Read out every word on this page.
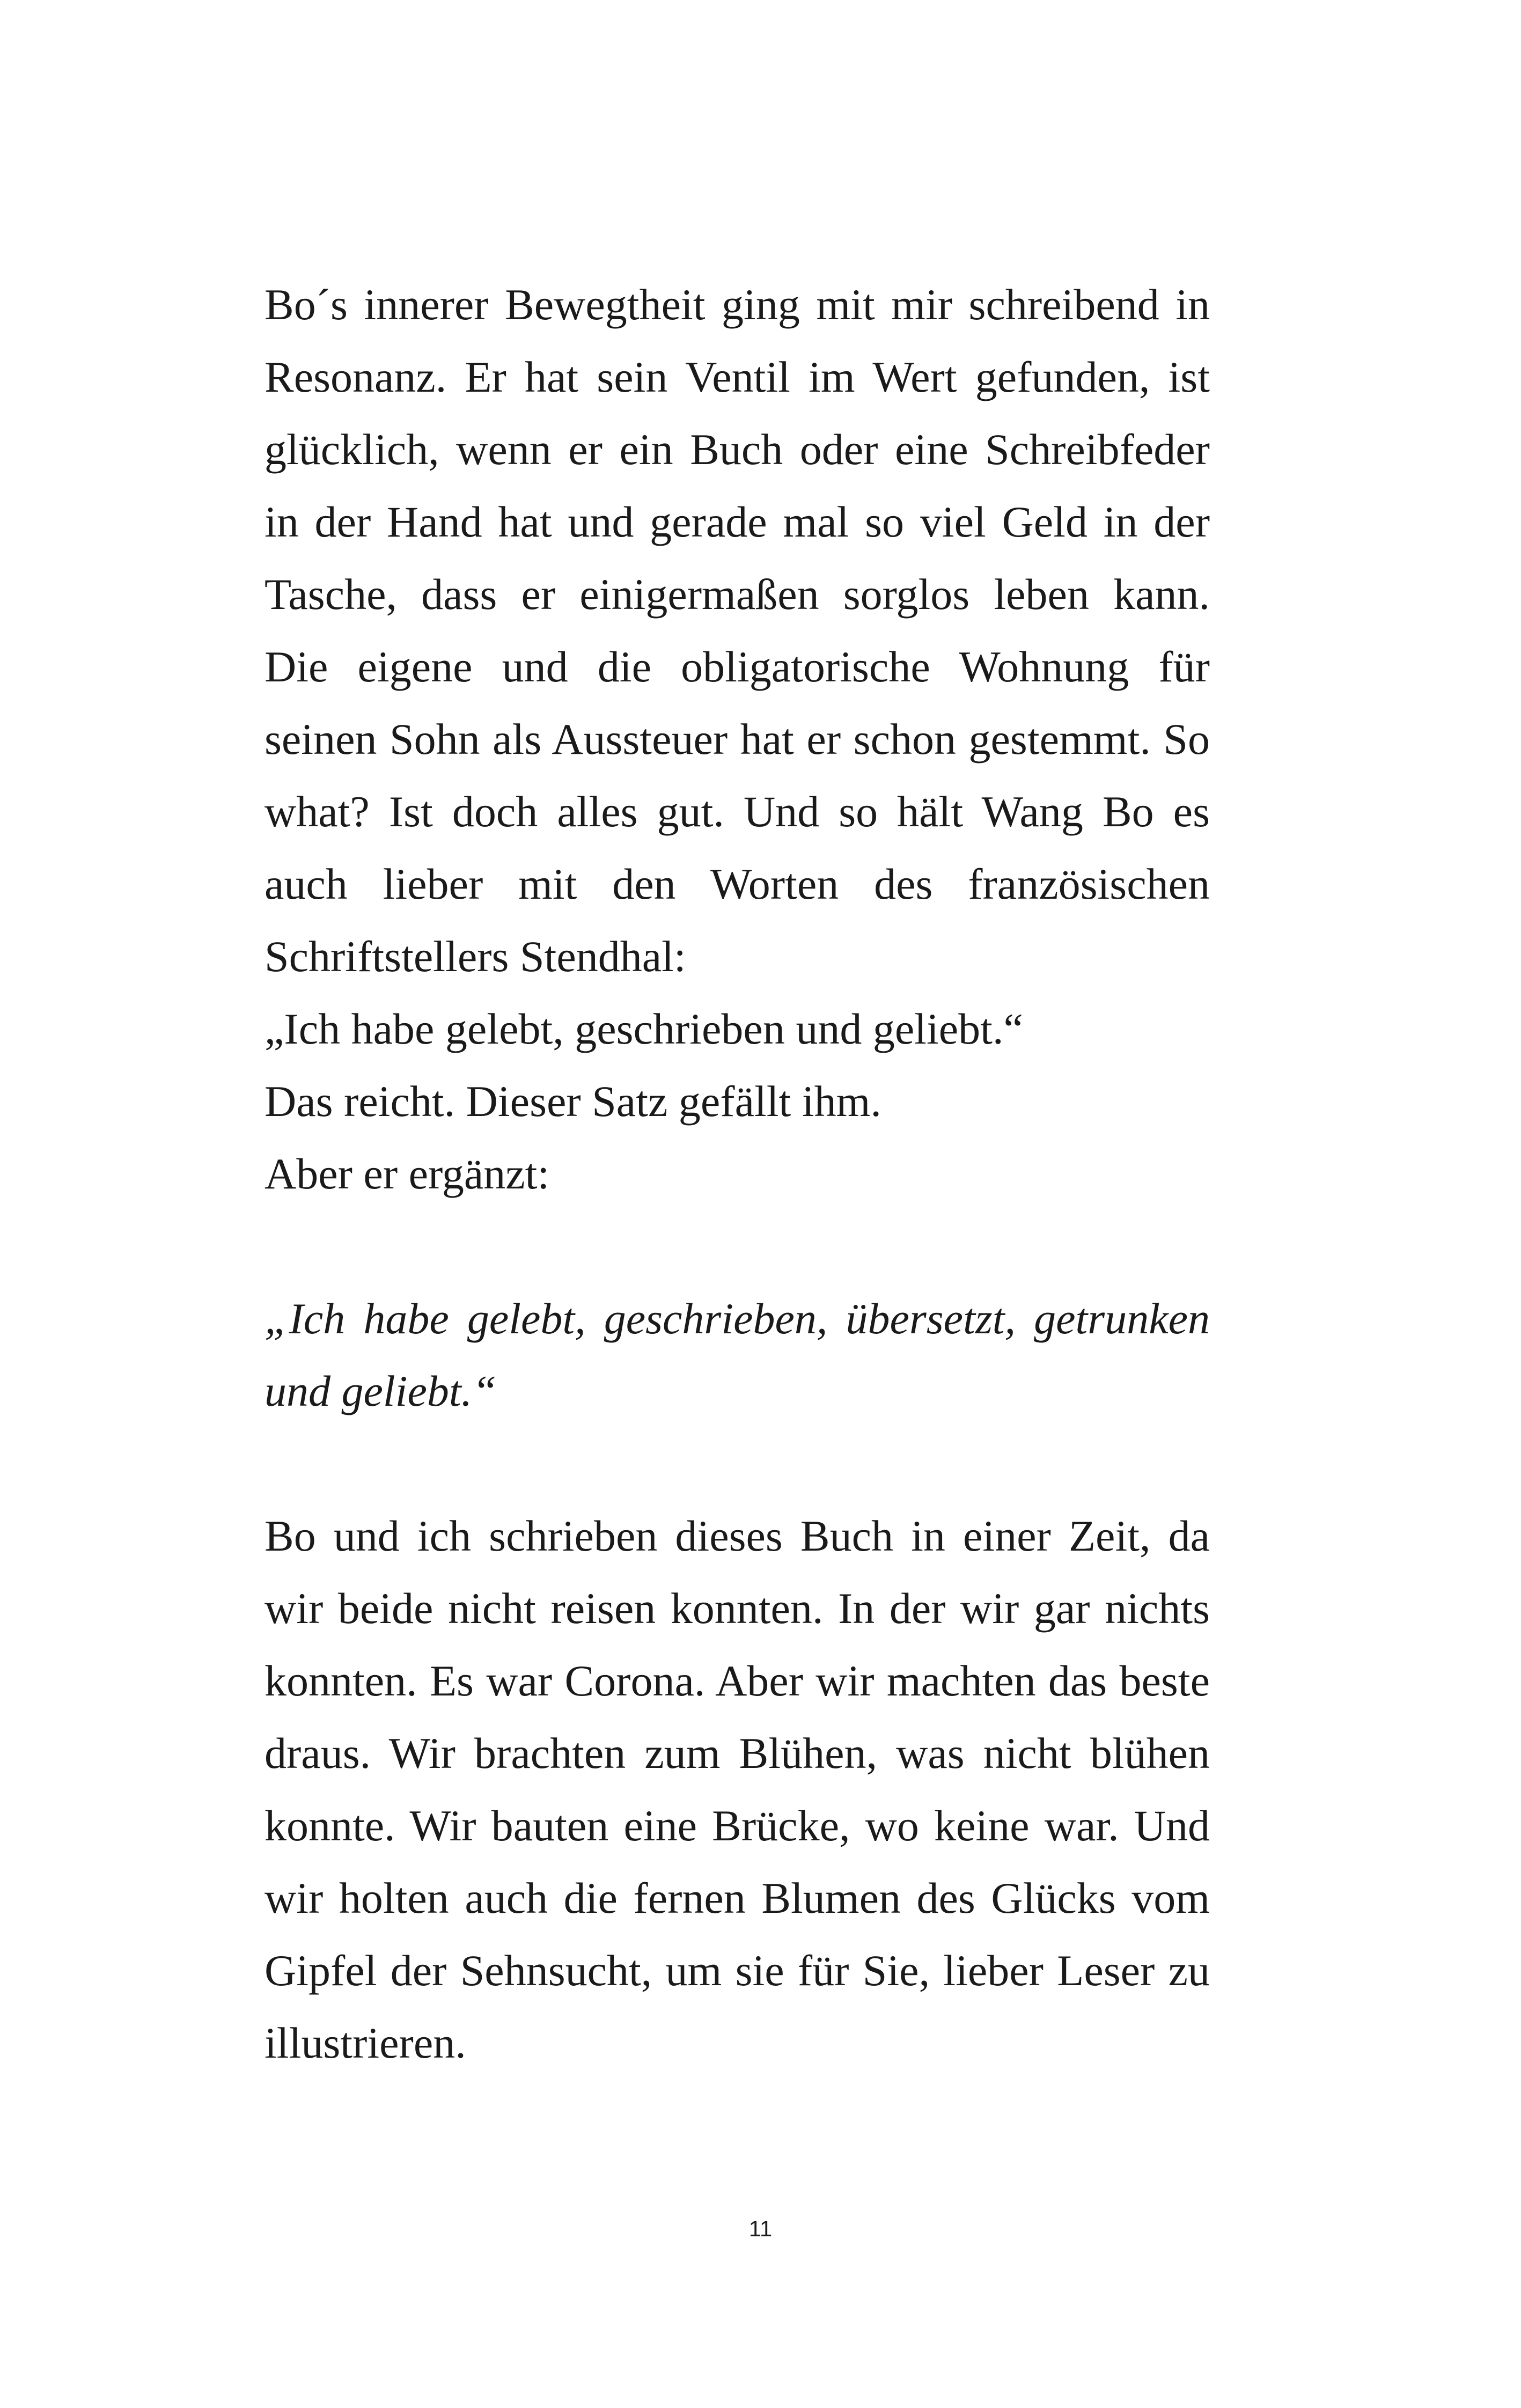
Bo´s innerer Bewegtheit ging mit mir schreibend in
Resonanz. Er hat sein Ventil im Wert gefunden, ist
glücklich, wenn er ein Buch oder eine Schreibfeder
in der Hand hat und gerade mal so viel Geld in der
Tasche, dass er einigermaßen sorglos leben kann.
Die eigene und die obligatorische Wohnung für
seinen Sohn als Aussteuer hat er schon gestemmt. So
what? Ist doch alles gut. Und so hält Wang Bo es
auch lieber mit den Worten des französischen
Schriftstellers Stendhal:
„Ich habe gelebt, geschrieben und geliebt.“
Das reicht. Dieser Satz gefällt ihm.
Aber er ergänzt:
„Ich habe gelebt, geschrieben, übersetzt, getrunken
und geliebt.“
Bo und ich schrieben dieses Buch in einer Zeit, da
wir beide nicht reisen konnten. In der wir gar nichts
konnten. Es war Corona. Aber wir machten das beste
draus. Wir brachten zum Blühen, was nicht blühen
konnte. Wir bauten eine Brücke, wo keine war. Und
wir holten auch die fernen Blumen des Glücks vom
Gipfel der Sehnsucht, um sie für Sie, lieber Leser zu
illustrieren.
11
